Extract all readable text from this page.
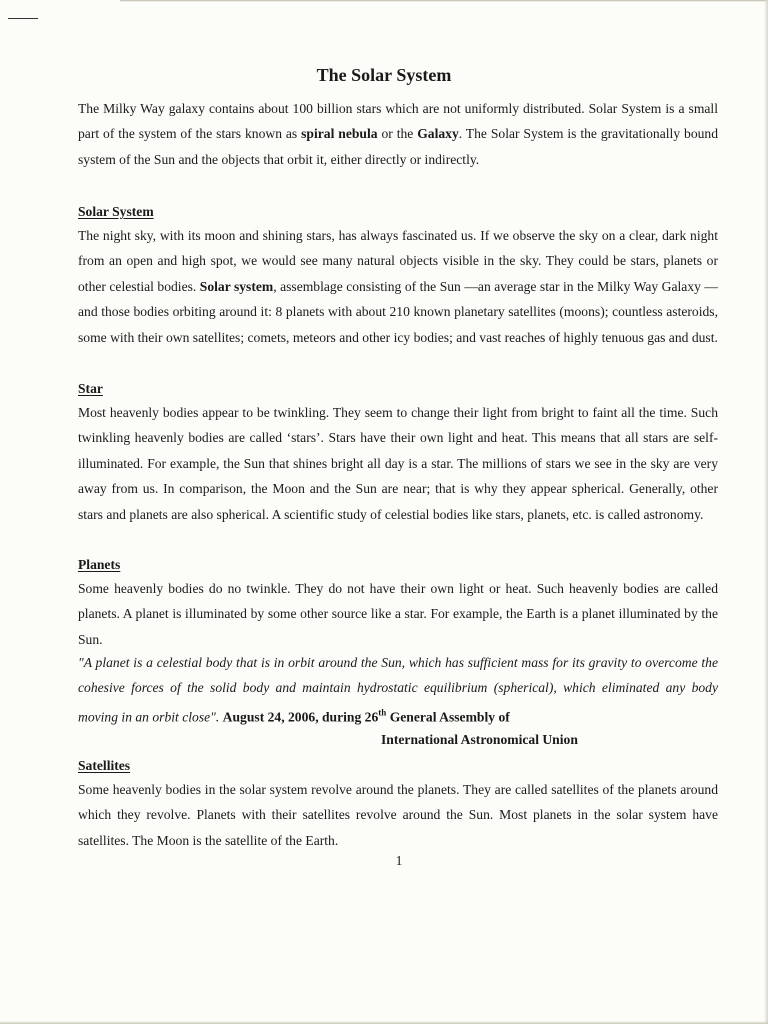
The Solar System

The Milky Way galaxy contains about 100 billion stars which are not uniformly distributed. Solar System is a small part of the system of the stars known as spiral nebula or the Galaxy. The Solar System is the gravitationally bound system of the Sun and the objects that orbit it, either directly or indirectly.

Solar System

The night sky, with its moon and shining stars, has always fascinated us. If we observe the sky on a clear, dark night from an open and high spot, we would see many natural objects visible in the sky. They could be stars, planets or other celestial bodies. Solar system, assemblage consisting of the Sun —an average star in the Milky Way Galaxy —and those bodies orbiting around it: 8 planets with about 210 known planetary satellites (moons); countless asteroids, some with their own satellites; comets, meteors and other icy bodies; and vast reaches of highly tenuous gas and dust.

Star

Most heavenly bodies appear to be twinkling. They seem to change their light from bright to faint all the time. Such twinkling heavenly bodies are called ‘stars’. Stars have their own light and heat. This means that all stars are self-illuminated. For example, the Sun that shines bright all day is a star. The millions of stars we see in the sky are very away from us. In comparison, the Moon and the Sun are near; that is why they appear spherical. Generally, other stars and planets are also spherical. A scientific study of celestial bodies like stars, planets, etc. is called astronomy.

Planets

Some heavenly bodies do no twinkle. They do not have their own light or heat. Such heavenly bodies are called planets. A planet is illuminated by some other source like a star. For example, the Earth is a planet illuminated by the Sun.

"A planet is a celestial body that is in orbit around the Sun, which has sufficient mass for its gravity to overcome the cohesive forces of the solid body and maintain hydrostatic equilibrium (spherical), which eliminated any body moving in an orbit close". August 24, 2006, during 26th General Assembly of

International Astronomical Union
Satellites

Some heavenly bodies in the solar system revolve around the planets. They are called satellites of the planets around which they revolve. Planets with their satellites revolve around the Sun. Most planets in the solar system have satellites. The Moon is the satellite of the Earth.

1
